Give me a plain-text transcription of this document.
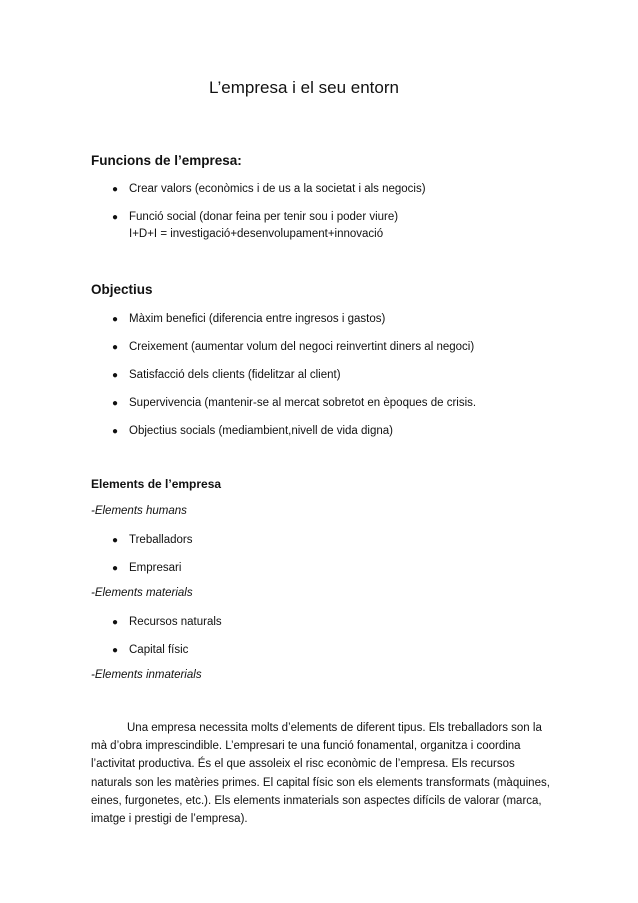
L’empresa i el seu entorn
Funcions de l’empresa:
● Crear valors (econòmics i de us a la societat i als negocis)
● Funció social (donar feina per tenir sou i poder viure) I+D+I = investigació+desenvolupament+innovació
Objectius
● Màxim benefici (diferencia entre ingresos i gastos)
● Creixement (aumentar volum del negoci reinvertint diners al negoci)
● Satisfacció dels clients (fidelitzar al client)
● Supervivencia (mantenir-se al mercat sobretot en èpoques de crisis.
● Objectius socials (mediambient,nivell de vida digna)
Elements de l’empresa

-Elements humans

● Treballadors
● Empresari

-Elements materials

● Recursos naturals
● Capital físic

-Elements inmaterials

Una empresa necessita molts d’elements de diferent tipus. Els treballadors son la mà d’obra imprescindible. L’empresari te una funció fonamental, organitza i coordina l’activitat productiva. És el que assoleix el risc econòmic de l’empresa. Els recursos naturals son les matèries primes. El capital físic son els elements transformats (màquines, eines, furgonetes, etc.). Els elements inmaterials son aspectes difícils de valorar (marca, imatge i prestigi de l’empresa).
